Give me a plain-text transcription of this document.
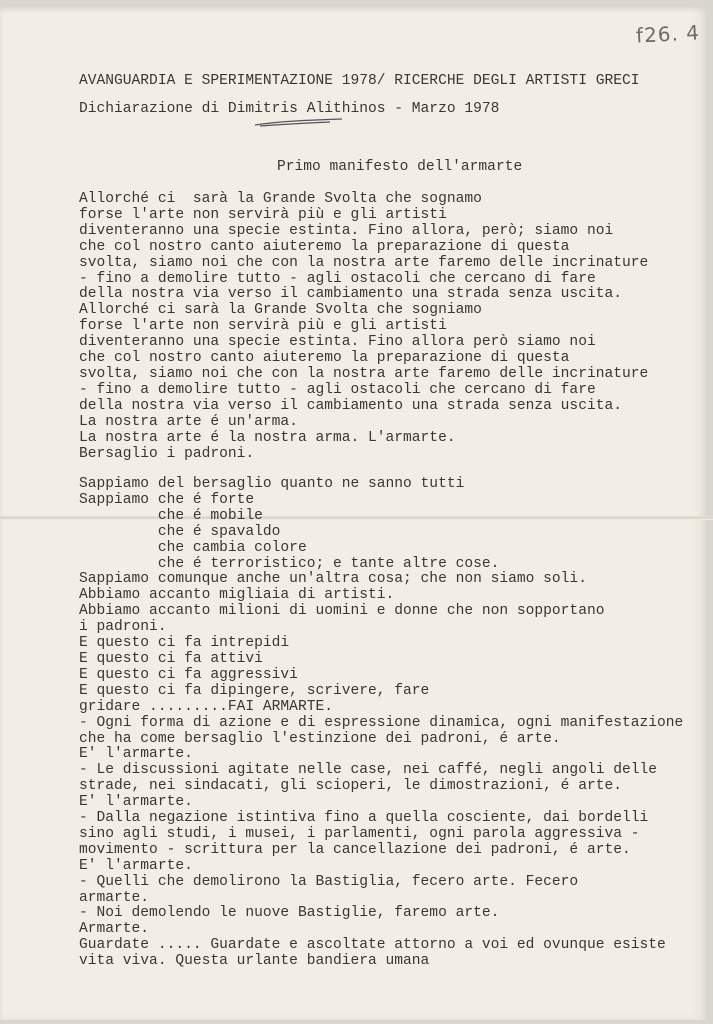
f26. 4
AVANGUARDIA E SPERIMENTAZIONE 1978/ RICERCHE DEGLI ARTISTI GRECI
Dichiarazione di Dimitris Alithinos - Marzo 1978
Primo manifesto dell'armarte
Allorché ci  sarà la Grande Svolta che sognamo
forse l'arte non servirà più e gli artisti
diventeranno una specie estinta. Fino allora, però; siamo noi
che col nostro canto aiuteremo la preparazione di questa
svolta, siamo noi che con la nostra arte faremo delle incrinature
- fino a demolire tutto - agli ostacoli che cercano di fare
della nostra via verso il cambiamento una strada senza uscita.
Allorché ci sarà la Grande Svolta che sogniamo
forse l'arte non servirà più e gli artisti
diventeranno una specie estinta. Fino allora però siamo noi
che col nostro canto aiuteremo la preparazione di questa
svolta, siamo noi che con la nostra arte faremo delle incrinature
- fino a demolire tutto - agli ostacoli che cercano di fare
della nostra via verso il cambiamento una strada senza uscita.
La nostra arte é un'arma.
La nostra arte é la nostra arma. L'armarte.
Bersaglio i padroni.
Sappiamo del bersaglio quanto ne sanno tutti
Sappiamo che é forte
che é mobile
che é spavaldo
che cambia colore
che é terroristico; e tante altre cose.
Sappiamo comunque anche un'altra cosa; che non siamo soli.
Abbiamo accanto migliaia di artisti.
Abbiamo accanto milioni di uomini e donne che non sopportano
i padroni.
E questo ci fa intrepidi
E questo ci fa attivi
E questo ci fa aggressivi
E questo ci fa dipingere, scrivere, fare
gridare .........FAI ARMARTE.
- Ogni forma di azione e di espressione dinamica, ogni manifestazione
che ha come bersaglio l'estinzione dei padroni, é arte.
E' l'armarte.
- Le discussioni agitate nelle case, nei caffé, negli angoli delle
strade, nei sindacati, gli scioperi, le dimostrazioni, é arte.
E' l'armarte.
- Dalla negazione istintiva fino a quella cosciente, dai bordelli
sino agli studi, i musei, i parlamenti, ogni parola aggressiva -
movimento - scrittura per la cancellazione dei padroni, é arte.
E' l'armarte.
- Quelli che demolirono la Bastiglia, fecero arte. Fecero
armarte.
- Noi demolendo le nuove Bastiglie, faremo arte.
Armarte.
Guardate ..... Guardate e ascoltate attorno a voi ed ovunque esiste
vita viva. Questa urlante bandiera umana
